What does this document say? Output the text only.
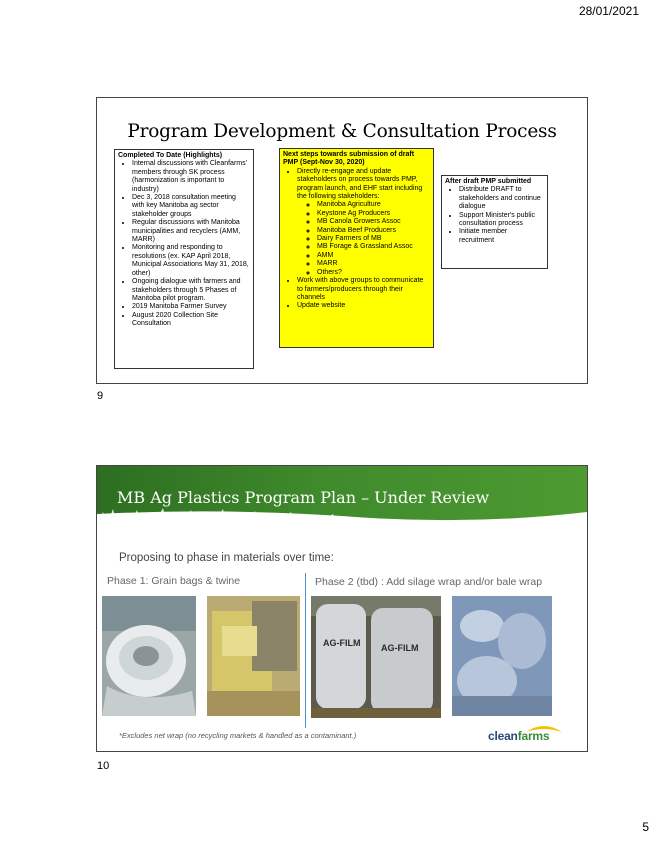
28/01/2021
Program Development & Consultation Process
Completed To Date (Highlights)
• Internal discussions with Cleanfarms' members through SK process (harmonization is important to industry)
• Dec 3, 2018 consultation meeting with key Manitoba ag sector stakeholder groups
• Regular discussions with Manitoba municipalities and recyclers (AMM, MARR)
• Monitoring and responding to resolutions (ex. KAP April 2018, Municipal Associations May 31, 2018, other)
• Ongoing dialogue with farmers and stakeholders through 5 Phases of Manitoba pilot program.
• 2019 Manitoba Farmer Survey
• August 2020 Collection Site Consultation
Next steps towards submission of draft PMP (Sept-Nov 30, 2020)
• Directly re-engage and update stakeholders on process towards PMP, program launch, and EHF start including the following stakeholders:
◦ Manitoba Agriculture
◦ Keystone Ag Producers
◦ MB Canola Growers Assoc
◦ Manitoba Beef Producers
◦ Dairy Farmers of MB
◦ MB Forage & Grassland Assoc
◦ AMM
◦ MARR
◦ Others?
• Work with above groups to communicate to farmers/producers through their channels
• Update website
After draft PMP submitted
• Distribute DRAFT to stakeholders and continue dialogue
• Support Minister's public consultation process
• Initiate member recruitment
9
MB Ag Plastics Program Plan – Under Review
Proposing to phase in materials over time:
Phase 1: Grain bags & twine	Phase 2 (tbd) : Add silage wrap and/or bale wrap
AG-FILM AG-FILM
*Excludes net wrap (no recycling markets & handled as a contaminant.)	cleanfarms
10
5
